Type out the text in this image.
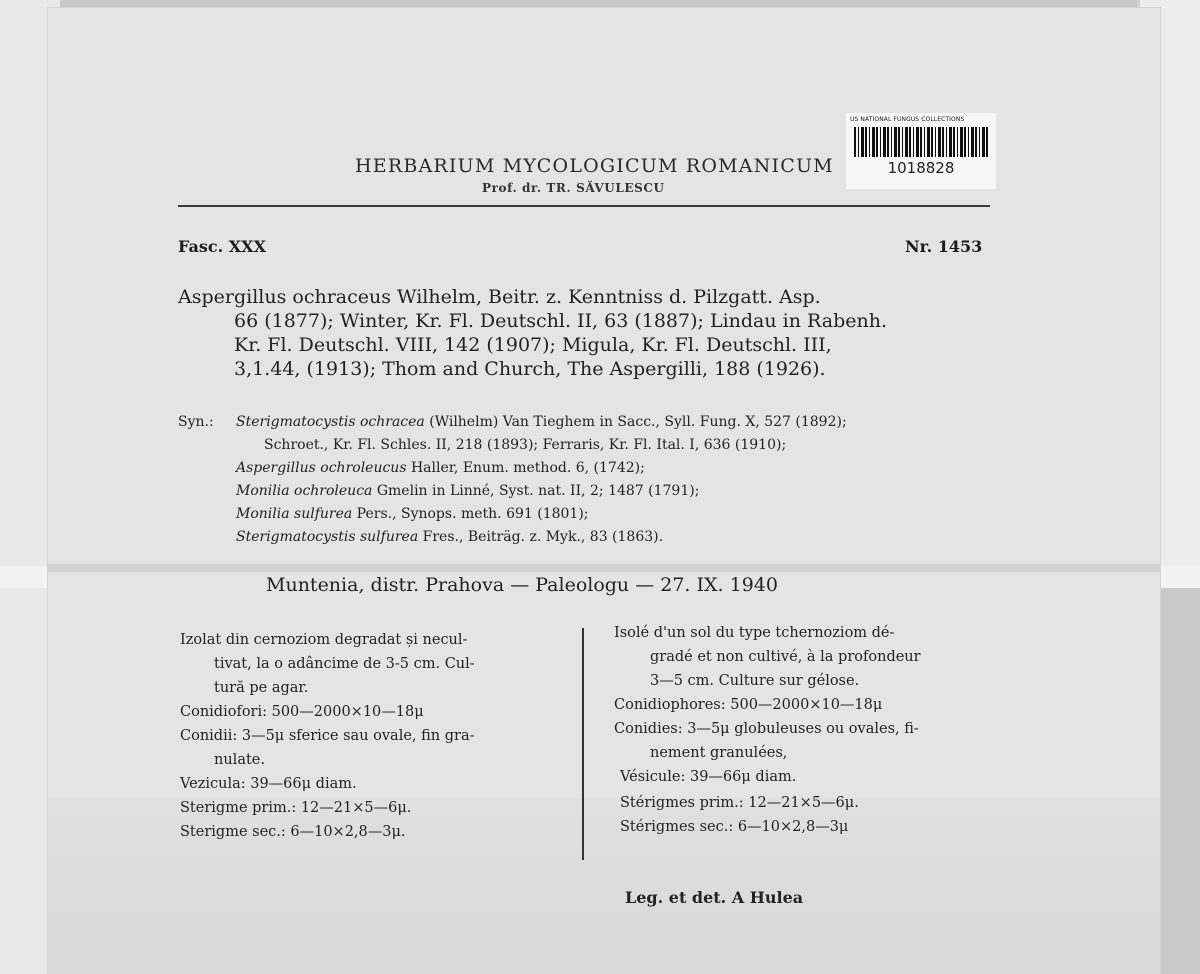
US NATIONAL FUNGUS COLLECTIONS
1018828
HERBARIUM MYCOLOGICUM ROMANICUM
Prof. dr. TR. SĂVULESCU
Fasc. XXX	Nr. 1453
Aspergillus ochraceus Wilhelm, Beitr. z. Kenntniss d. Pilzgatt. Asp.
66 (1877); Winter, Kr. Fl. Deutschl. II, 63 (1887); Lindau in Rabenh.
Kr. Fl. Deutschl. VIII, 142 (1907); Migula, Kr. Fl. Deutschl. III,
3,1.44, (1913); Thom and Church, The Aspergilli, 188 (1926).
Syn.: Sterigmatocystis ochracea (Wilhelm) Van Tieghem in Sacc., Syll. Fung. X, 527 (1892);
Schroet., Kr. Fl. Schles. II, 218 (1893); Ferraris, Kr. Fl. Ital. I, 636 (1910);
Aspergillus ochroleucus Haller, Enum. method. 6, (1742);
Monilia ochroleuca Gmelin in Linné, Syst. nat. II, 2; 1487 (1791);
Monilia sulfurea Pers., Synops. meth. 691 (1801);
Sterigmatocystis sulfurea Fres., Beiträg. z. Myk., 83 (1863).
Muntenia, distr. Prahova — Paleologu — 27. IX. 1940
Izolat din cernoziom degradat și necul-
tivat, la o adâncime de 3-5 cm. Cul-
tură pe agar.
Conidiofori: 500—2000×10—18μ
Conidii: 3—5μ sferice sau ovale, fin gra-
nulate.
Vezicula: 39—66μ diam.
Sterigme prim.: 12—21×5—6μ.
Sterigme sec.: 6—10×2,8—3μ.
Isolé d'un sol du type tchernoziom dé-
gradé et non cultivé, à la profondeur
3—5 cm. Culture sur gélose.
Conidiophores: 500—2000×10—18μ
Conidies: 3—5μ globuleuses ou ovales, fi-
nement granulées,
Vésicule: 39—66μ diam.
Stérigmes prim.: 12—21×5—6μ.
Stérigmes sec.: 6—10×2,8—3μ
Leg. et det. A Hulea
